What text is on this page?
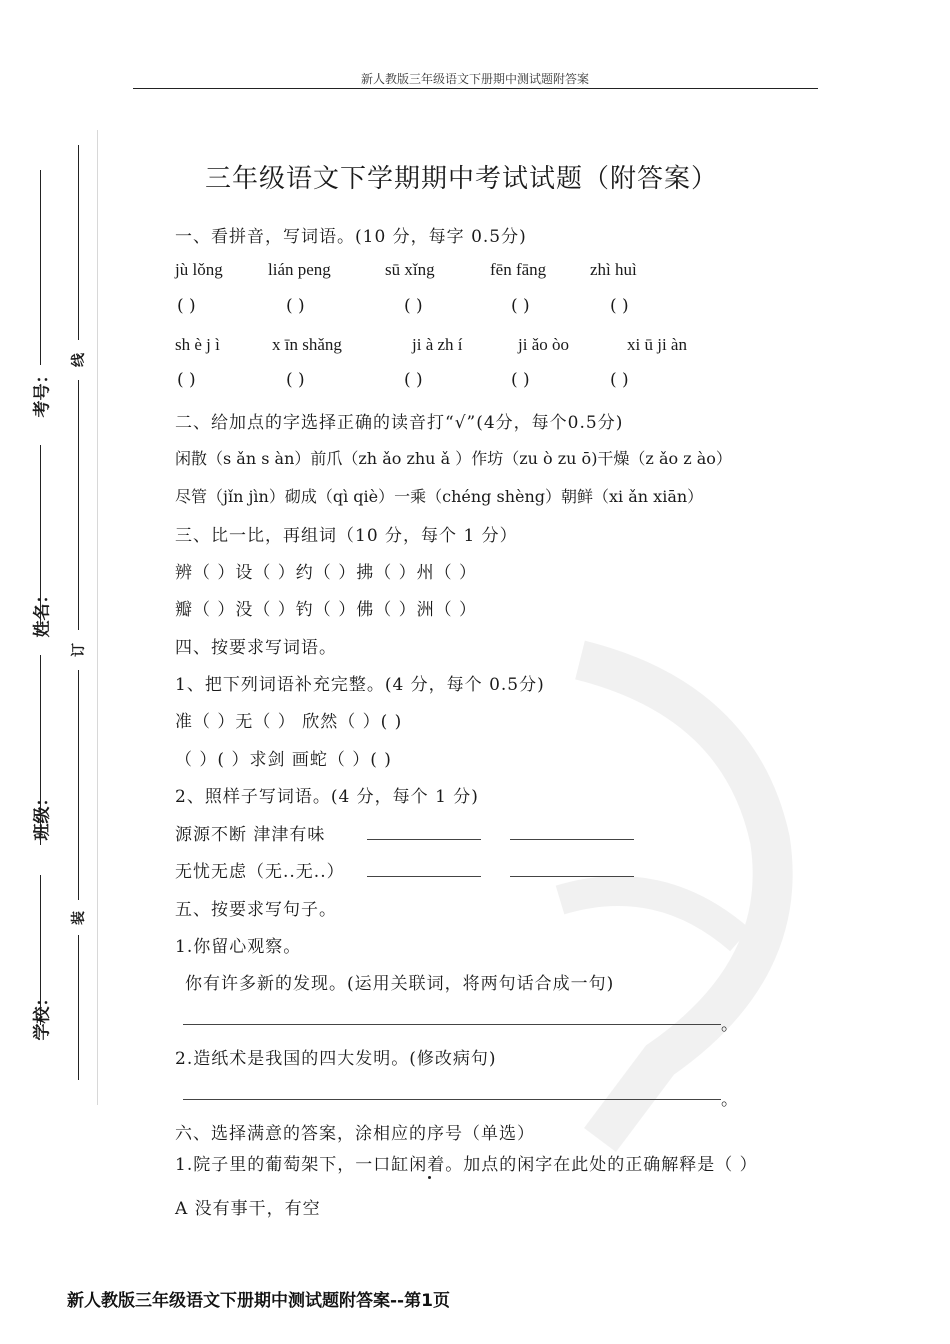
新人教版三年级语文下册期中测试题附答案
考号：
姓名：
班级：
学校：
线
订
装
三年级语文下学期期中考试试题（附答案）
一、看拼音，写词语。(10 分，每字 0.5分)
jù lǒng	lián peng	sū xǐng	fēn fāng	zhì huì
( )	( )	( )	( )	( )
sh è j ì	x īn shǎng	ji à zh í	ji ǎo òo	xi ū ji àn
( )	( )	( )	( )	( )
二、给加点的字选择正确的读音打“√”(4分，每个0.5分)
闲散（s ǎn s àn）前爪（zh ǎo zhu ǎ ）作坊（zu ò zu ō)干燥（z ǎo z ào）
尽管（jǐn jìn）砌成（qì qiè）一乘（chéng shèng）朝鲜（xi ǎn xiān）
三、比一比，再组词（10 分，每个 1 分）
辨（ ）设（ ）约（ ）拂（ ）州（ ）
瓣（ ）没（ ）钓（ ）佛（ ）洲（ ）
四、按要求写词语。
1、把下列词语补充完整。(4 分，每个 0.5分)
准（ ）无（ ） 欣然（ ）( )
（ ）( ）求剑 画蛇（ ）( )
2、照样子写词语。(4 分，每个 1 分)
源源不断 津津有味
无忧无虑（无..无..）
五、按要求写句子。
1.你留心观察。
你有许多新的发现。(运用关联词，将两句话合成一句)
。
2.造纸术是我国的四大发明。(修改病句)
。
六、选择满意的答案，涂相应的序号（单选）
1.院子里的葡萄架下，一口缸闲着。加点的闲字在此处的正确解释是（ ）
A 没有事干，有空
新人教版三年级语文下册期中测试题附答案--第1页
